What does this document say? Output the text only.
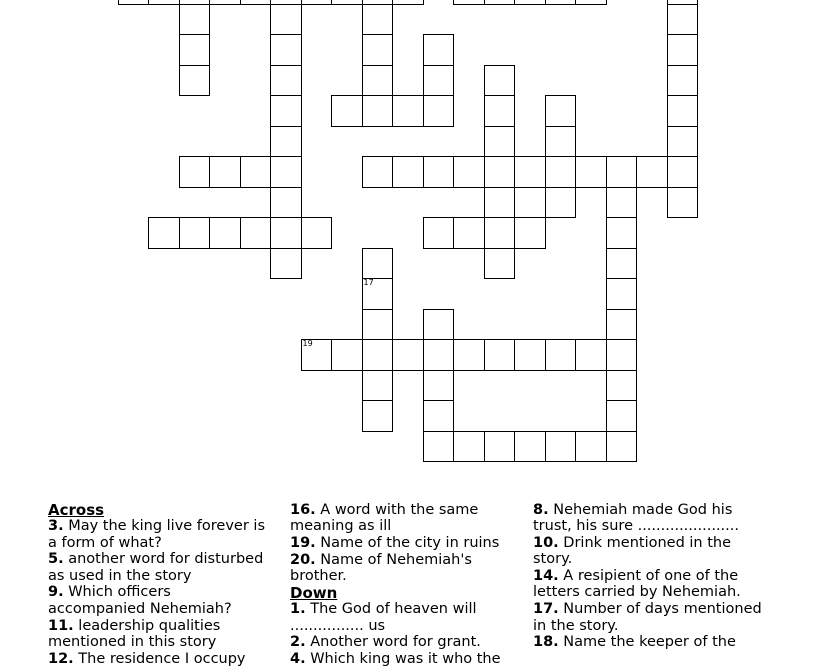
17
19
Across
3. May the king live forever is a form of what?
5. another word for disturbed as used in the story
9. Which officers accompanied Nehemiah?
11. leadership qualities mentioned in this story
12. The residence I occupy
16. A word with the same meaning as ill
19. Name of the city in ruins
20. Name of Nehemiah's brother.
Down
1. The God of heaven will ................ us
2. Another word for grant.
4. Which king was it who the
8. Nehemiah made God his trust, his sure ......................
10. Drink mentioned in the story.
14. A resipient of one of the letters carried by Nehemiah.
17. Number of days mentioned in the story.
18. Name the keeper of the
